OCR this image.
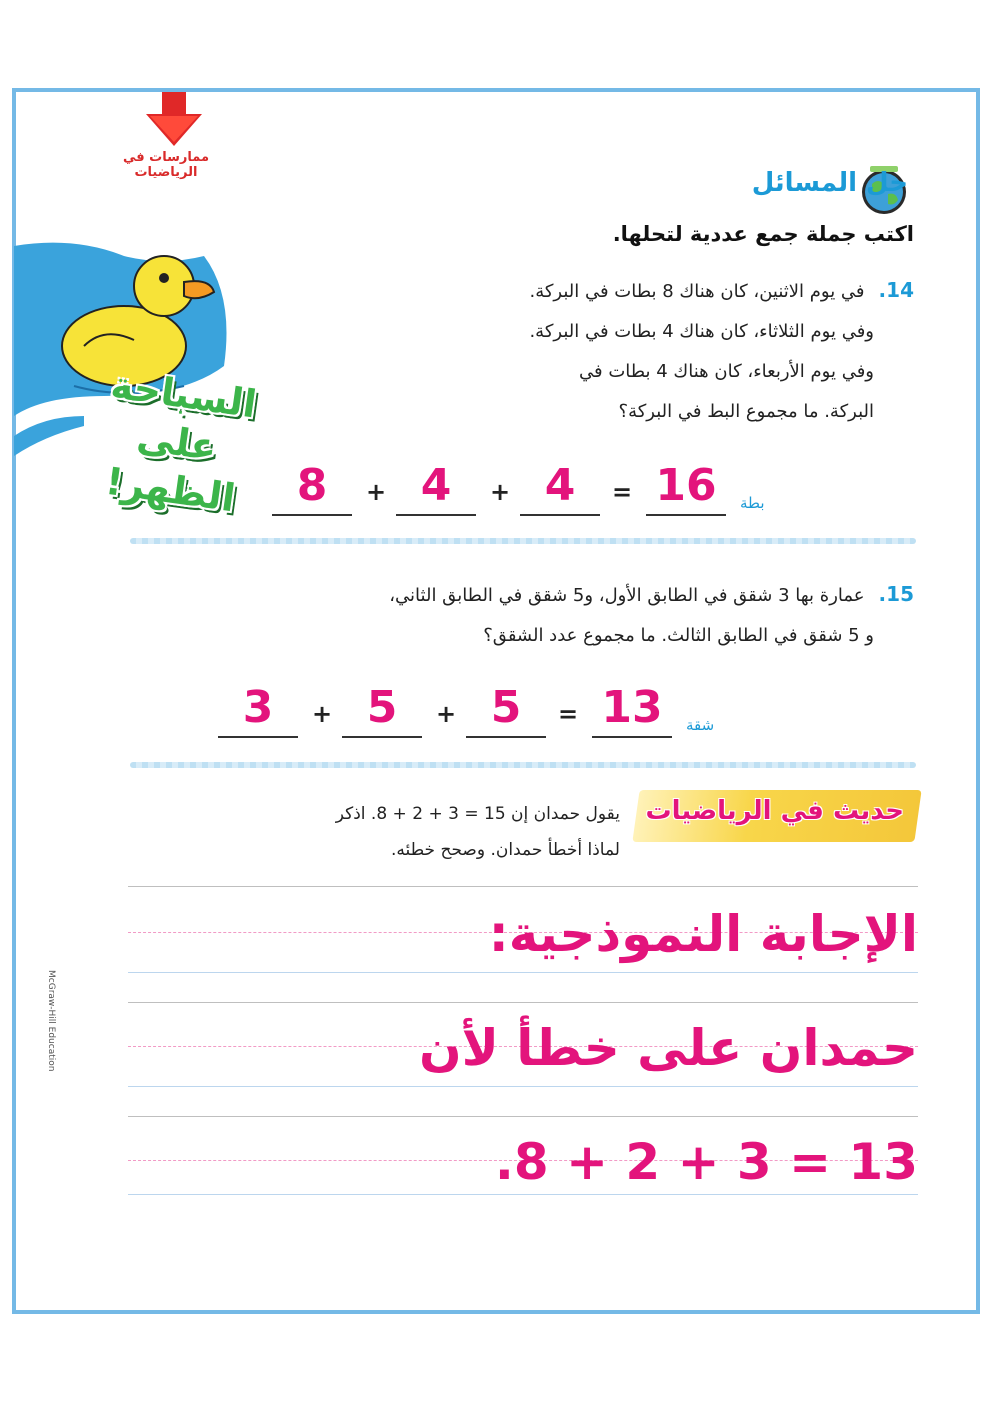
ممارسات في
الرياضيات	حل المسائل
اكتب جملة جمع عددية لتحلها.
السباحة
على
الظهر!
14.في يوم الاثنين، كان هناك 8 بطات في البركة.
وفي يوم الثلاثاء، كان هناك 4 بطات في البركة.
وفي يوم الأربعاء، كان هناك 4 بطات في
البركة. ما مجموع البط في البركة؟
8	+ 4	+ 4	= 16	بطة
15.عمارة بها 3 شقق في الطابق الأول، و5 شقق في الطابق الثاني،
و 5 شقق في الطابق الثالث. ما مجموع عدد الشقق؟
3	+ 5	+ 5	= 13	شقة
حديث في الرياضيات
يقول حمدان إن 15 = 3 + 2 + 8. اذكر
لماذا أخطأ حمدان. وصحح خطئه.
الإجابة النموذجية:
حمدان على خطأ لأن
.8 + 2 + 3 = 13
McGraw-Hill Education
